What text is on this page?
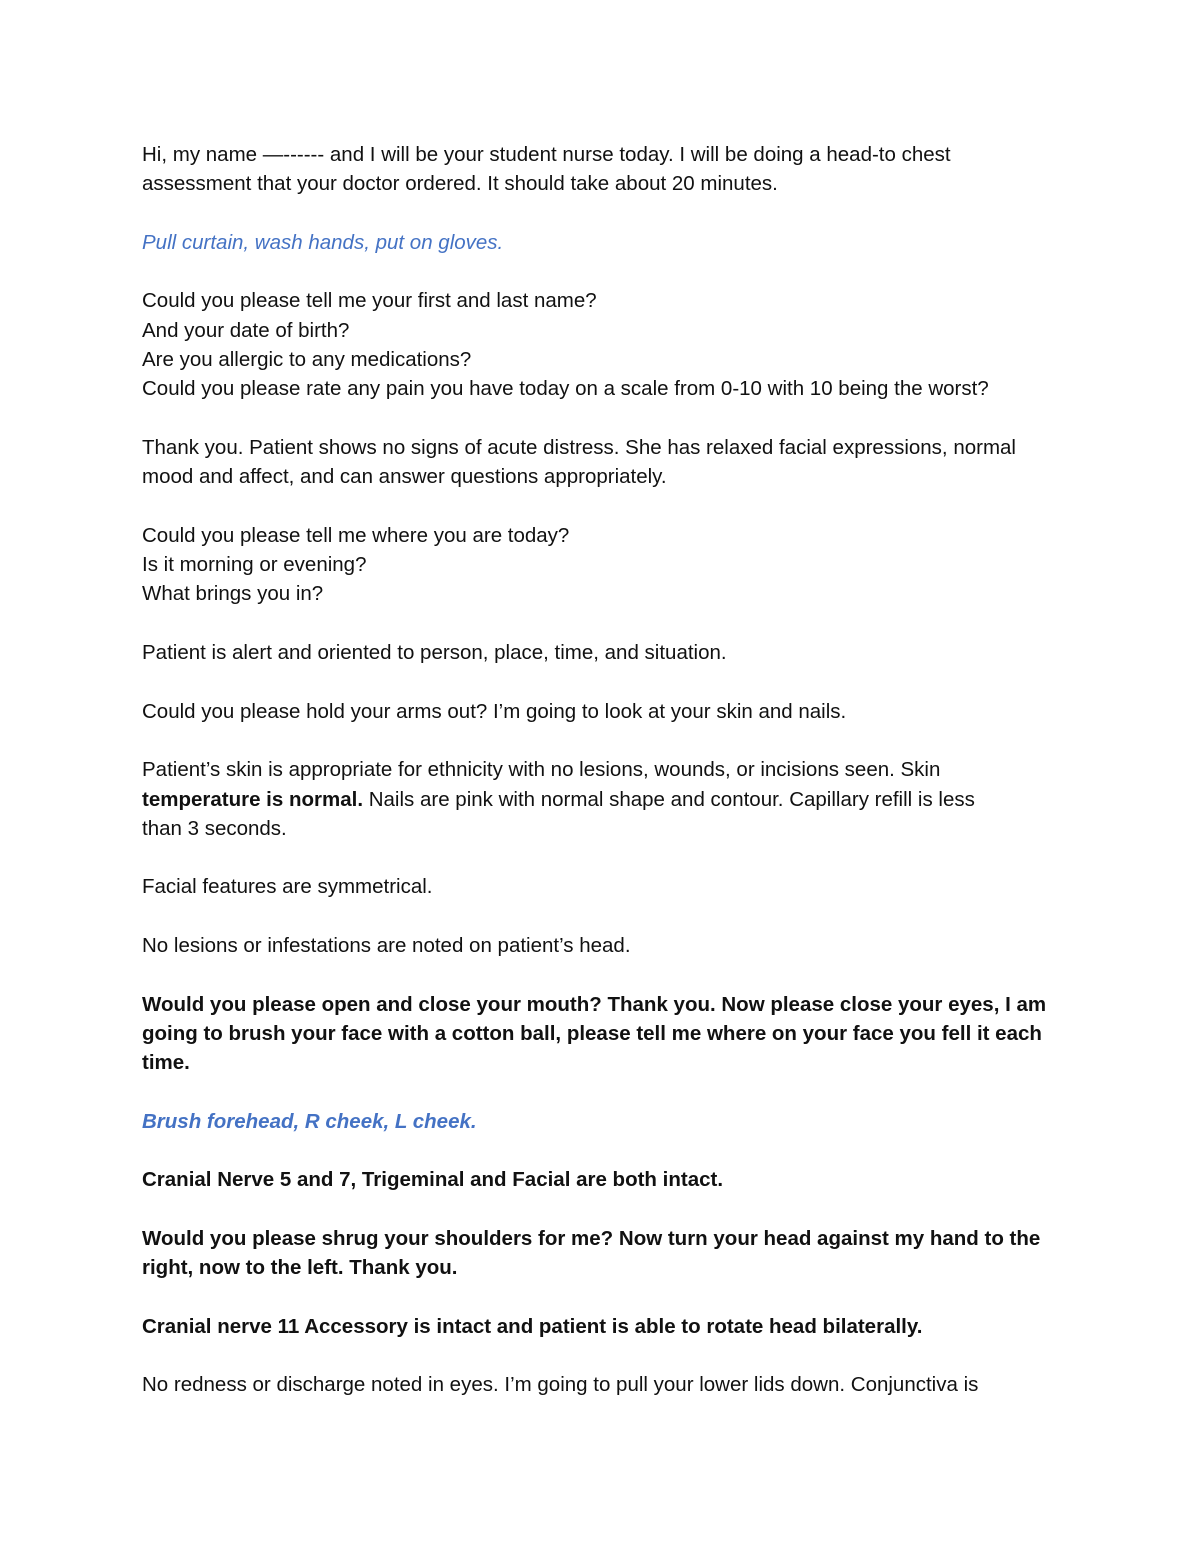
Hi, my name —------ and I will be your student nurse today. I will be doing a head-to chest
assessment that your doctor ordered. It should take about 20 minutes.

Pull curtain, wash hands, put on gloves.

Could you please tell me your first and last name?
And your date of birth?
Are you allergic to any medications?
Could you please rate any pain you have today on a scale from 0-10 with 10 being the worst?

Thank you. Patient shows no signs of acute distress. She has relaxed facial expressions, normal
mood and affect, and can answer questions appropriately.

Could you please tell me where you are today?
Is it morning or evening?
What brings you in?

Patient is alert and oriented to person, place, time, and situation.

Could you please hold your arms out? I’m going to look at your skin and nails.

Patient’s skin is appropriate for ethnicity with no lesions, wounds, or incisions seen. Skin
temperature is normal. Nails are pink with normal shape and contour. Capillary refill is less
than 3 seconds.

Facial features are symmetrical.

No lesions or infestations are noted on patient’s head.

Would you please open and close your mouth? Thank you. Now please close your eyes, I am
going to brush your face with a cotton ball, please tell me where on your face you fell it each
time.

Brush forehead, R cheek, L cheek.

Cranial Nerve 5 and 7, Trigeminal and Facial are both intact.

Would you please shrug your shoulders for me? Now turn your head against my hand to the
right, now to the left. Thank you.

Cranial nerve 11 Accessory is intact and patient is able to rotate head bilaterally.

No redness or discharge noted in eyes. I’m going to pull your lower lids down. Conjunctiva is
